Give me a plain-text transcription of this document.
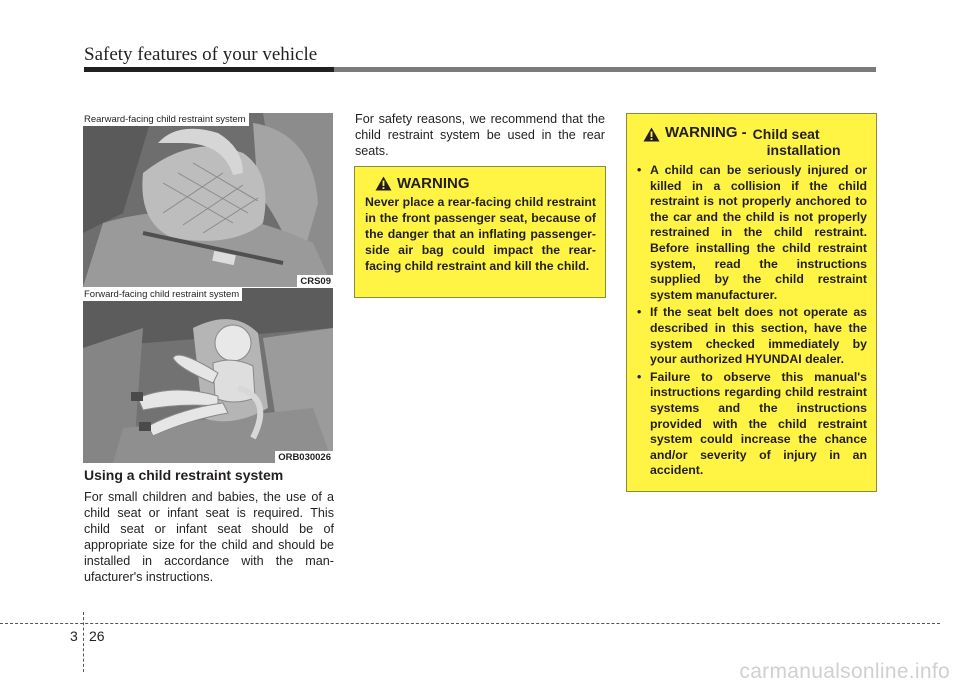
Safety features of your vehicle
Rearward-facing child restraint system
CRS09
Forward-facing child restraint system
ORB030026
Using a child restraint system

For small children and babies, the use of a child seat or infant seat is required. This child seat or infant seat should be of appropriate size for the child and should be installed in accordance with the man-ufacturer's instructions.

For safety reasons, we recommend that the child restraint system be used in the rear seats.

WARNING

Never place a rear-facing child restraint in the front passenger seat, because of the danger that an inflating passenger-side air bag could impact the rear-facing child restraint and kill the child.

WARNING - Child seat
installation
• A child can be seriously injured or killed in a collision if the child restraint is not properly anchored to the car and the child is not properly restrained in the child restraint. Before installing the child restraint system, read the instructions supplied by the child restraint system manufacturer.
• If the seat belt does not operate as described in this section, have the system checked immediately by your authorized HYUNDAI dealer.
• Failure to observe this manual's instructions regarding child restraint systems and the instructions provided with the child restraint system could increase the chance and/or severity of injury in an accident.
3 26
carmanualsonline.info
